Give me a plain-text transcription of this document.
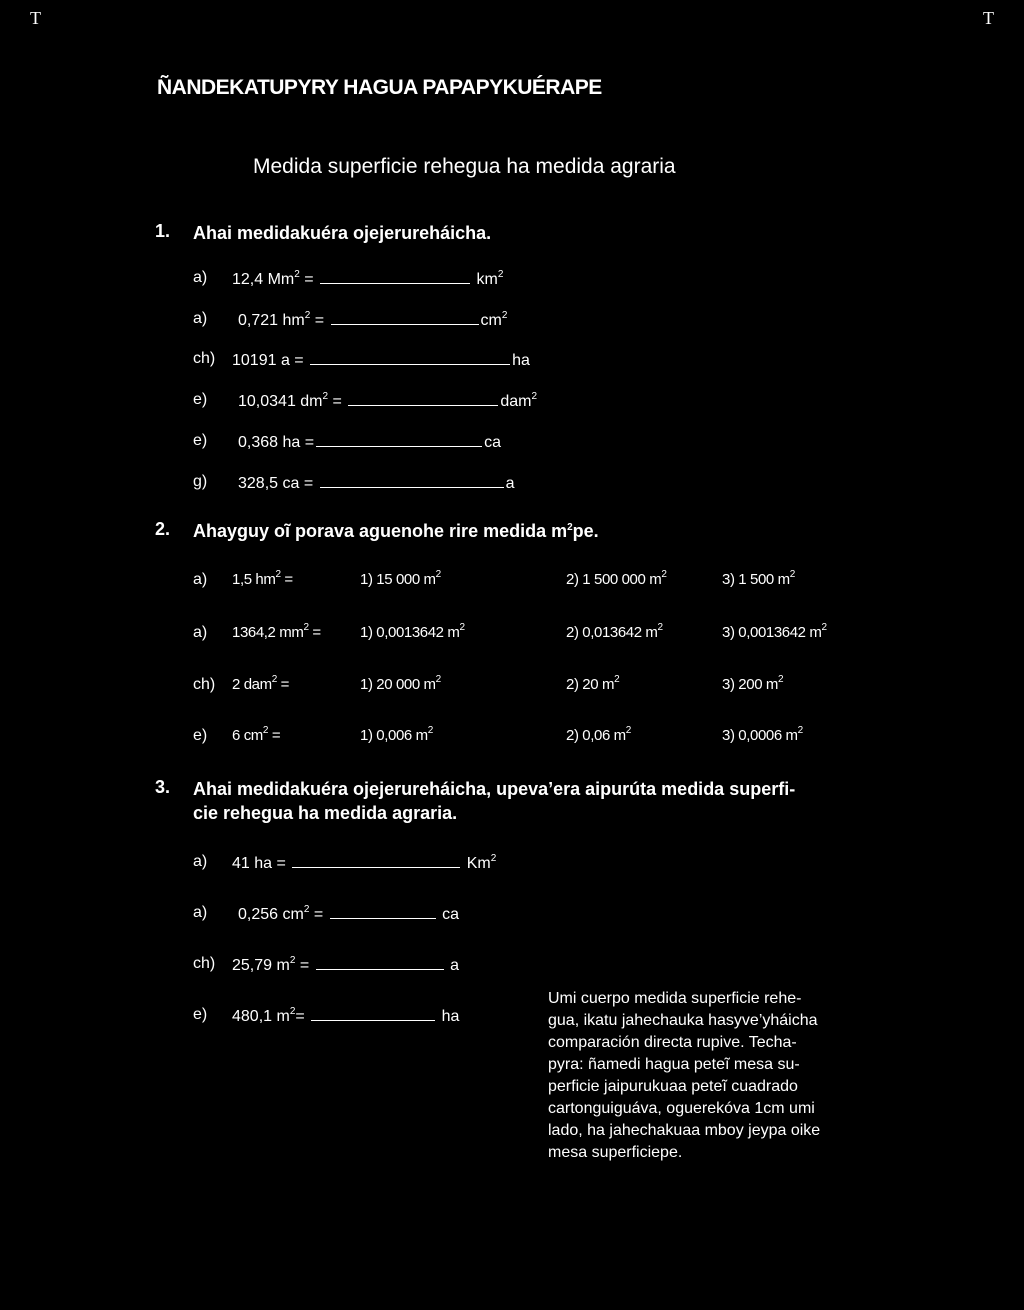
T	T
ÑANDEKATUPYRY HAGUA PAPAPYKUÉRAPE
Medida superficie rehegua ha medida agraria
1. Ahai medidakuéra ojejerureháicha.
a) 12,4 $Mm^2$ =	$km^2$
a) 0,721 $hm^2$ =	$cm^2$
ch) 10191 a =	ha
e) 10,0341 $dm^2$ =	dam$^2$
e) 0,368 ha =	ca
g) 328,5 ca =	a
2. Ahayguy oĩ porava aguenohe rire medida $m^2pe$.
a) 1,5 $hm^2$ =	1) 15 000 $m^2$	2) 1 500 000 $m^2$	3) 1 500 $m^2$
a) 1364,2 $mm^2$ =	1) 0,0013642 $m^2$	2) 0,013642 $m^2$	3) 0,0013642 $m^2$
ch) 2 dam$^2$ =	1) 20 000 $m^2$	2) 20 $m^2$	3) 200 $m^2$
e) 6 $cm^2$ =	1) 0,006 $m^2$	2) 0,06 $m^2$	3) 0,0006 $m^2$
3. Ahai medidakuéra ojejerureháicha, upeva’era aipurúta medida superfi-
cie rehegua ha medida agraria.
a) 41 ha =	$Km^2$
a) 0,256 $cm^2$ =	ca
ch) 25,79 $m^2$ =	a
e) 480,1 $m^2=$	ha
Umi cuerpo medida superficie rehe-
gua, ikatu jahechauka hasyve’yháicha
comparación directa rupive. Techa-
pyra: ñamedi hagua peteĩ mesa su-
perficie jaipurukuaa peteĩ cuadrado
cartonguiguáva, oguerekóva 1cm umi
lado, ha jahechakuaa mboy jeypa oike
mesa superficiepe.
